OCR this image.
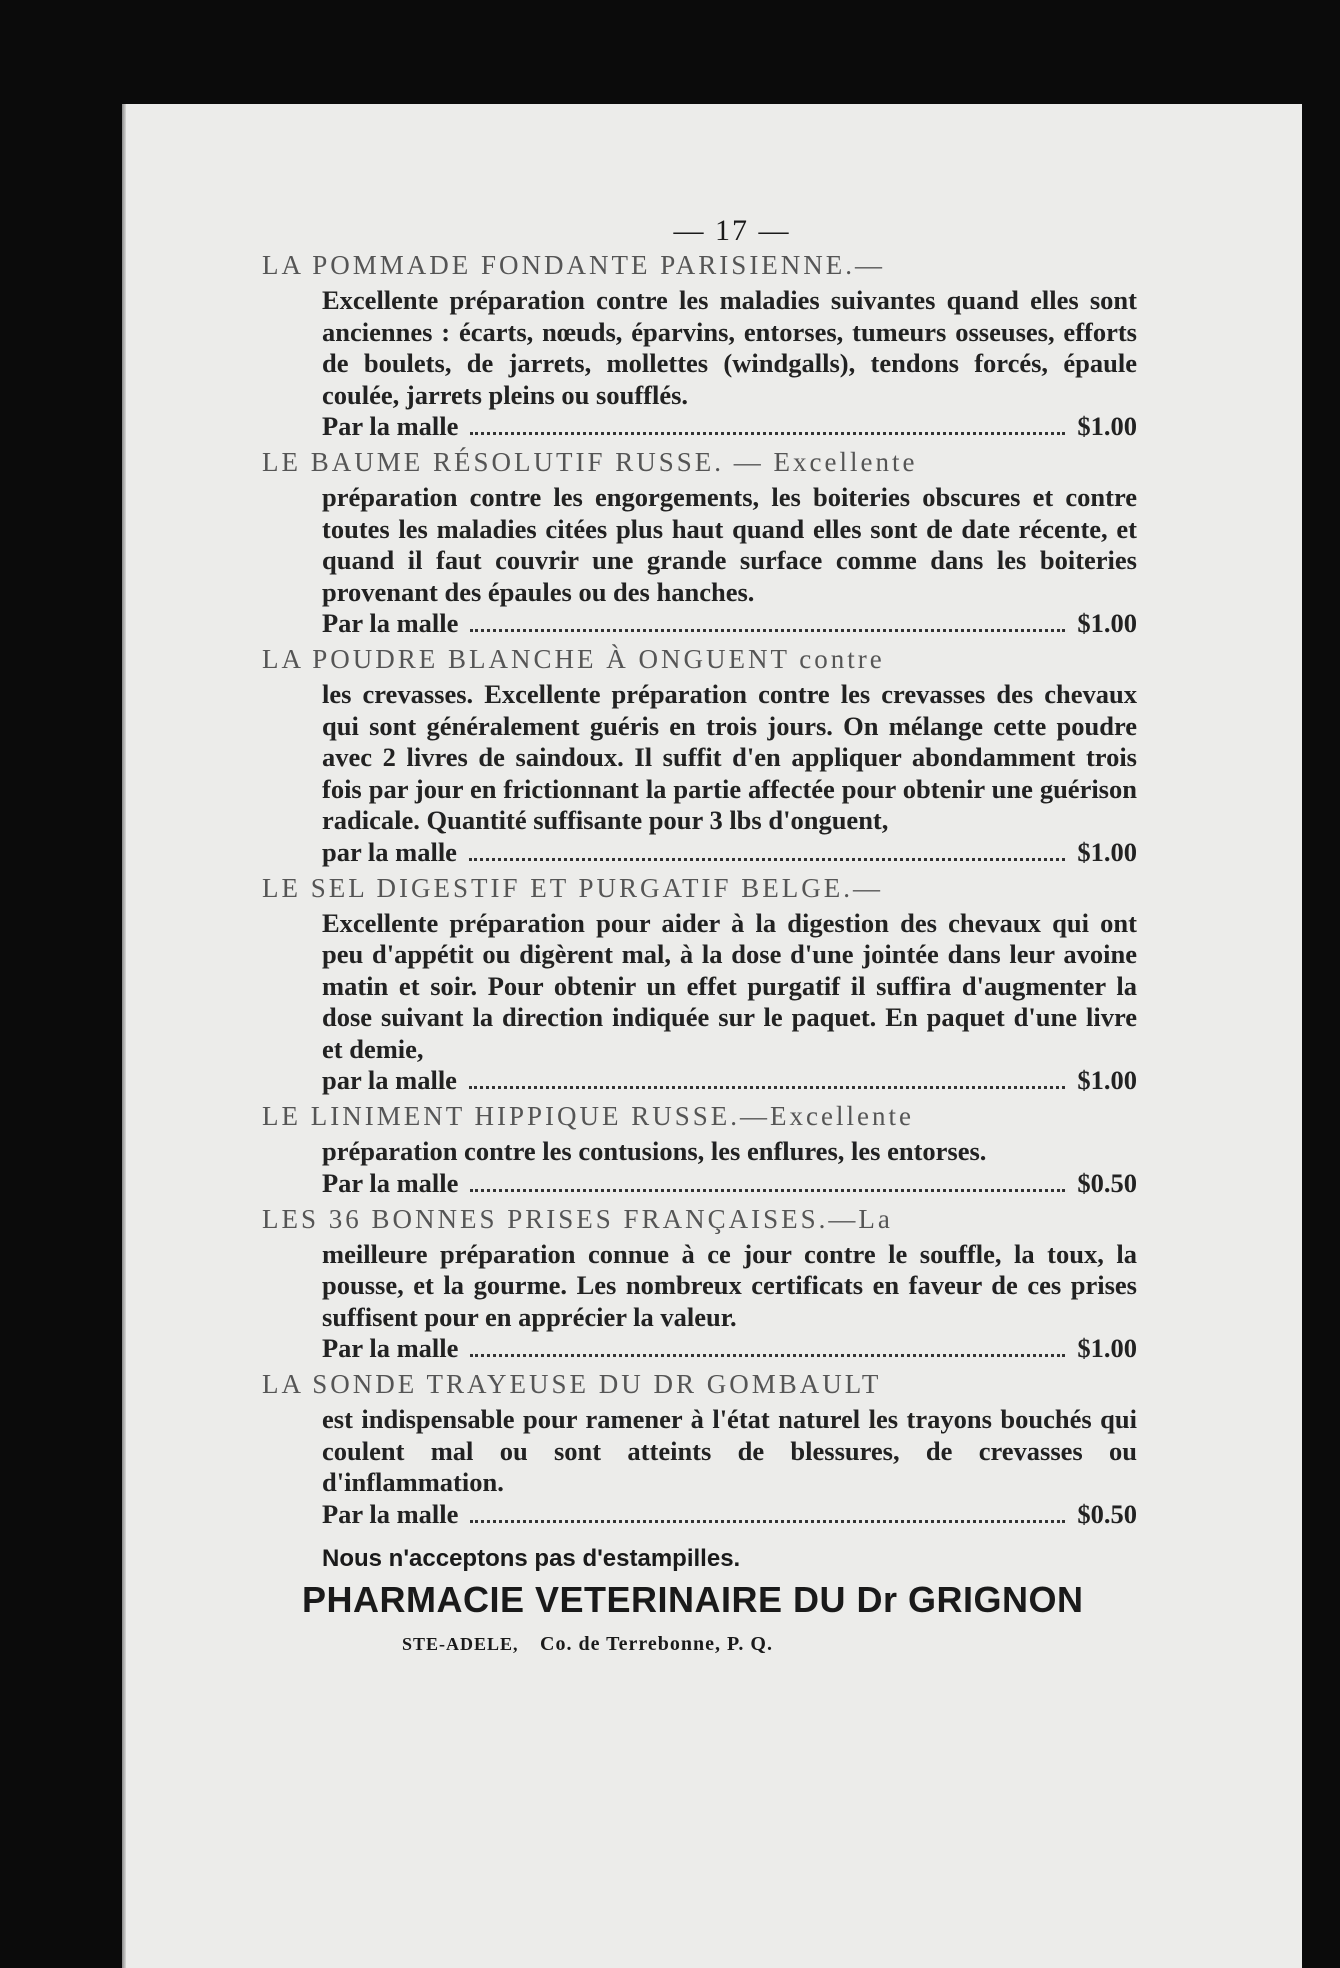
— 17 —
LA POMMADE FONDANTE PARISIENNE.—
Excellente préparation contre les maladies suivantes quand elles sont anciennes : écarts, nœuds, éparvins, entorses, tumeurs osseuses, efforts de boulets, de jarrets, mollettes (windgalls), tendons forcés, épaule coulée, jarrets pleins ou soufflés.
Par la malle	$1.00
LE BAUME RÉSOLUTIF RUSSE. — Excellente
préparation contre les engorgements, les boiteries obscures et contre toutes les maladies citées plus haut quand elles sont de date récente, et quand il faut couvrir une grande surface comme dans les boiteries provenant des épaules ou des hanches.
Par la malle	$1.00
LA POUDRE BLANCHE À ONGUENT contre
les crevasses. Excellente préparation contre les crevasses des chevaux qui sont généralement guéris en trois jours. On mélange cette poudre avec 2 livres de saindoux. Il suffit d'en appliquer abondamment trois fois par jour en frictionnant la partie affectée pour obtenir une guérison radicale. Quantité suffisante pour 3 lbs d'onguent,
par la malle	$1.00
LE SEL DIGESTIF ET PURGATIF BELGE.—
Excellente préparation pour aider à la digestion des chevaux qui ont peu d'appétit ou digèrent mal, à la dose d'une jointée dans leur avoine matin et soir. Pour obtenir un effet purgatif il suffira d'augmenter la dose suivant la direction indiquée sur le paquet. En paquet d'une livre et demie,
par la malle	$1.00
LE LINIMENT HIPPIQUE RUSSE.—Excellente
préparation contre les contusions, les enflures, les entorses.
Par la malle	$0.50
LES 36 BONNES PRISES FRANÇAISES.—La
meilleure préparation connue à ce jour contre le souffle, la toux, la pousse, et la gourme. Les nombreux certificats en faveur de ces prises suffisent pour en apprécier la valeur.
Par la malle	$1.00
LA SONDE TRAYEUSE DU DR GOMBAULT
est indispensable pour ramener à l'état naturel les trayons bouchés qui coulent mal ou sont atteints de blessures, de crevasses ou d'inflammation.
Par la malle	$0.50
Nous n'acceptons pas d'estampilles.
PHARMACIE VETERINAIRE DU Dr GRIGNON
STE-ADELE, Co. de Terrebonne, P. Q.
